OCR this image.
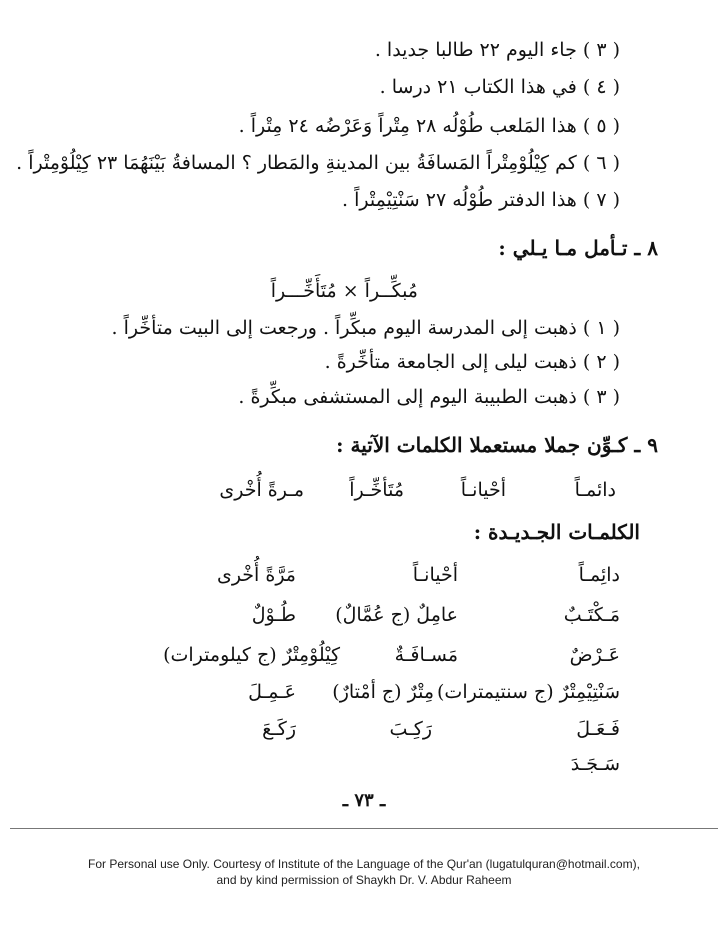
( ٣ ) جاء اليوم ٢٢ طالبا جديدا .
( ٤ ) في هذا الكتاب ٢١ درسا .
( ٥ ) هذا المَلعب طُوْلُه ٢٨ مِتْراً وَعَرْضُه ٢٤ مِتْراً .
( ٦ ) كم كِيْلُوْمِتْراً المَسافَةُ بين المدينةِ والمَطار ؟ المسافةُ بَيْنَهُمَا ٢٣ كِيْلُوْمِتْراً .
( ٧ ) هذا الدفتر طُوْلُه ٢٧ سَنْتِيْمِتْراً .
٨ ـ تـأمل مـا يـلي :
مُبكِّــراً × مُتَأَخِّـــراً
( ١ ) ذهبت إلى المدرسة اليوم مبكِّراً . ورجعت إلى البيت متأخِّراً .
( ٢ ) ذهبت ليلى إلى الجامعة متأخِّرةً .
( ٣ ) ذهبت الطبيبة اليوم إلى المستشفى مبكِّرةً .
٩ ـ كـوِّن جملا مستعملا الكلمات الآتية :
دائمـاً
أحْيانـاً
مُتَأخِّـراً
مـرةً أُخْرى
الكلمـات الجـديـدة :
دائِمـاً
أحْيانـاً
مَرَّةً أُخْرى
مَـكْتَـبٌ
عامِلٌ (ج عُمَّالٌ)
طُـوْلٌ
عَـرْضٌ
مَسـافَـةٌ
كِيْلُوْمِتْرٌ (ج كيلومترات)
سَنْتِيْمِتْرٌ (ج سنتيمترات)
مِتْرٌ (ج أمْتارٌ)
عَـمِـلَ
فَـعَـلَ
رَكِـبَ
رَكَـعَ
سَـجَـدَ
ـ ٧٣ ـ
For Personal use Only. Courtesy of Institute of the Language of the Qur'an (lugatulquran@hotmail.com),
and by kind permission of Shaykh Dr. V. Abdur Raheem
